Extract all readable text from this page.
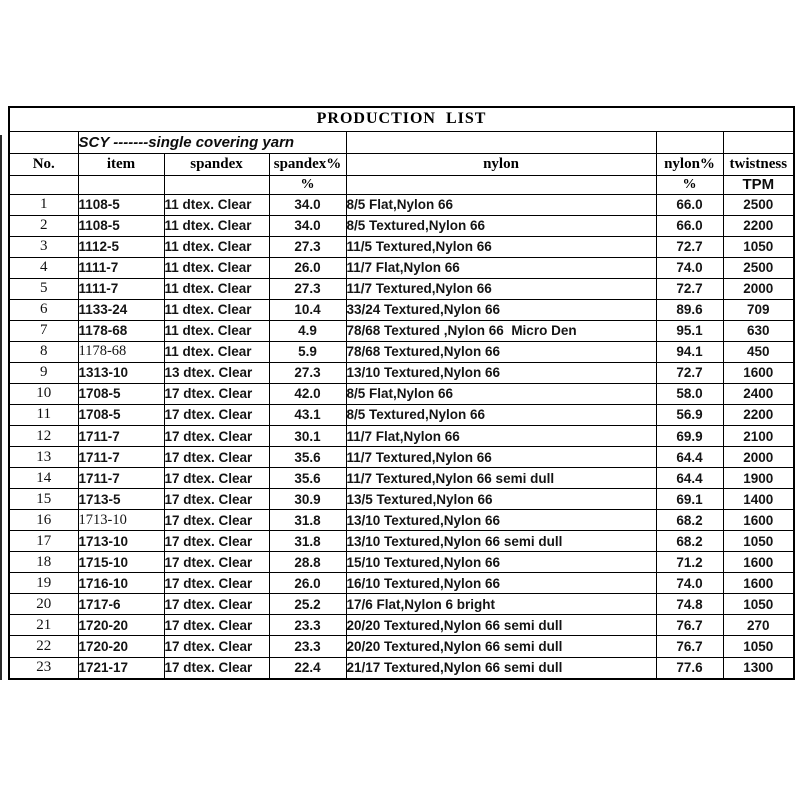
PRODUCTION  LIST						
	SCY -------single covering yarn					
No.	item	spandex	spandex%	nylon	nylon%	twistness
			%		%	TPM
1	1108-5	11 dtex. Clear	34.0	8/5 Flat,Nylon 66	66.0	2500
2	1108-5	11 dtex. Clear	34.0	8/5 Textured,Nylon 66	66.0	2200
3	1112-5	11 dtex. Clear	27.3	11/5 Textured,Nylon 66	72.7	1050
4	1111-7	11 dtex. Clear	26.0	11/7 Flat,Nylon 66	74.0	2500
5	1111-7	11 dtex. Clear	27.3	11/7 Textured,Nylon 66	72.7	2000
6	1133-24	11 dtex. Clear	10.4	33/24 Textured,Nylon 66	89.6	709
7	1178-68	11 dtex. Clear	4.9	78/68 Textured ,Nylon 66  Micro Den	95.1	630
8	1178-68	11 dtex. Clear	5.9	78/68 Textured,Nylon 66	94.1	450
9	1313-10	13 dtex. Clear	27.3	13/10 Textured,Nylon 66	72.7	1600
10	1708-5	17 dtex. Clear	42.0	8/5 Flat,Nylon 66	58.0	2400
11	1708-5	17 dtex. Clear	43.1	8/5 Textured,Nylon 66	56.9	2200
12	1711-7	17 dtex. Clear	30.1	11/7 Flat,Nylon 66	69.9	2100
13	1711-7	17 dtex. Clear	35.6	11/7 Textured,Nylon 66	64.4	2000
14	1711-7	17 dtex. Clear	35.6	11/7 Textured,Nylon 66 semi dull	64.4	1900
15	1713-5	17 dtex. Clear	30.9	13/5 Textured,Nylon 66	69.1	1400
16	1713-10	17 dtex. Clear	31.8	13/10 Textured,Nylon 66	68.2	1600
17	1713-10	17 dtex. Clear	31.8	13/10 Textured,Nylon 66 semi dull	68.2	1050
18	1715-10	17 dtex. Clear	28.8	15/10 Textured,Nylon 66	71.2	1600
19	1716-10	17 dtex. Clear	26.0	16/10 Textured,Nylon 66	74.0	1600
20	1717-6	17 dtex. Clear	25.2	17/6 Flat,Nylon 6 bright	74.8	1050
21	1720-20	17 dtex. Clear	23.3	20/20 Textured,Nylon 66 semi dull	76.7	270
22	1720-20	17 dtex. Clear	23.3	20/20 Textured,Nylon 66 semi dull	76.7	1050
23	1721-17	17 dtex. Clear	22.4	21/17 Textured,Nylon 66 semi dull	77.6	1300
